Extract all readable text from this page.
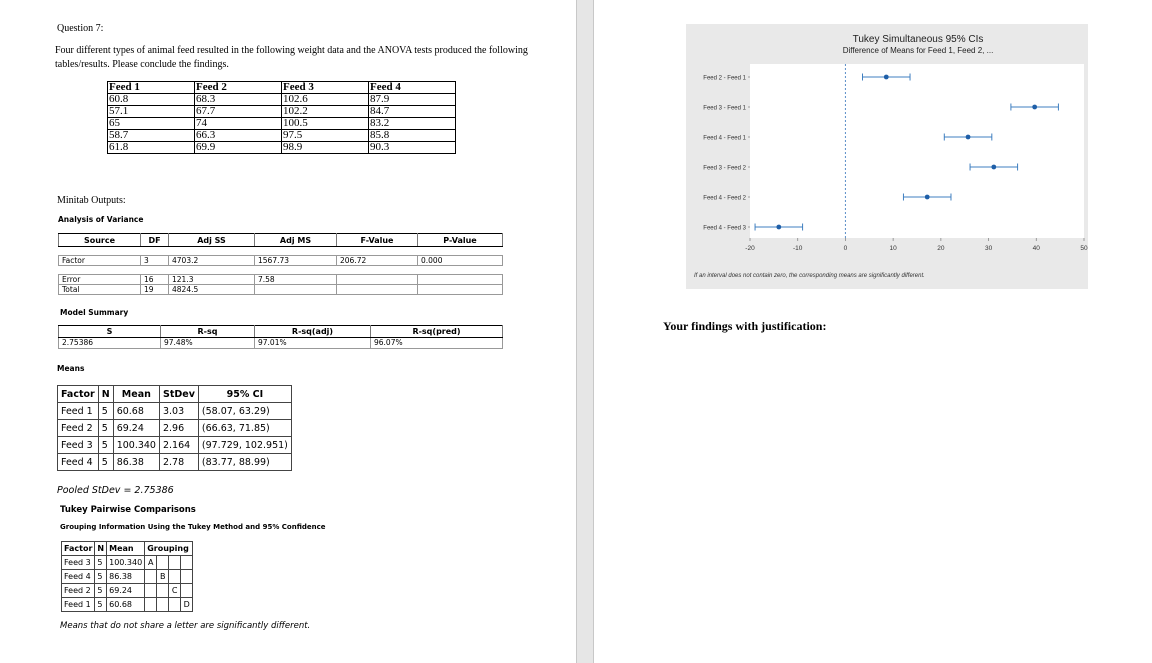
Question 7:
Four different types of animal feed resulted in the following weight data and the ANOVA tests produced the following tables/results. Please conclude the findings.
Feed 1	Feed 2	Feed 3	Feed 4
60.8	68.3	102.6	87.9
57.1	67.7	102.2	84.7
65	74	100.5	83.2
58.7	66.3	97.5	85.8
61.8	69.9	98.9	90.3
Minitab Outputs:
Analysis of Variance
Source	DF	Adj SS	Adj MS	F-Value	P-Value

Factor	3	4703.2	1567.73	206.72	0.000

Error	16	121.3	7.58		
Total	19	4824.5			
Model Summary
S	R-sq	R-sq(adj)	R-sq(pred)
2.75386	97.48%	97.01%	96.07%
Means
Factor	N	Mean	StDev	95% CI
Feed 1	5	60.68	3.03	(58.07, 63.29)
Feed 2	5	69.24	2.96	(66.63, 71.85)
Feed 3	5	100.340	2.164	(97.729, 102.951)
Feed 4	5	86.38	2.78	(83.77, 88.99)
Pooled StDev = 2.75386
Tukey Pairwise Comparisons
Grouping Information Using the Tukey Method and 95% Confidence
Factor	N	Mean	Grouping			
Feed 3	5	100.340	A			
Feed 4	5	86.38		B		
Feed 2	5	69.24			C	
Feed 1	5	60.68				D
Means that do not share a letter are significantly different.
Tukey Simultaneous 95% CIs
Difference of Means for Feed 1, Feed 2, ...
-20	-10	0	10	20	30	40	50
Feed 2 - Feed 1
Feed 3 - Feed 1
Feed 4 - Feed 1
Feed 3 - Feed 2
Feed 4 - Feed 2
Feed 4 - Feed 3
If an interval does not contain zero, the corresponding means are significantly different.
Your findings with justification:
